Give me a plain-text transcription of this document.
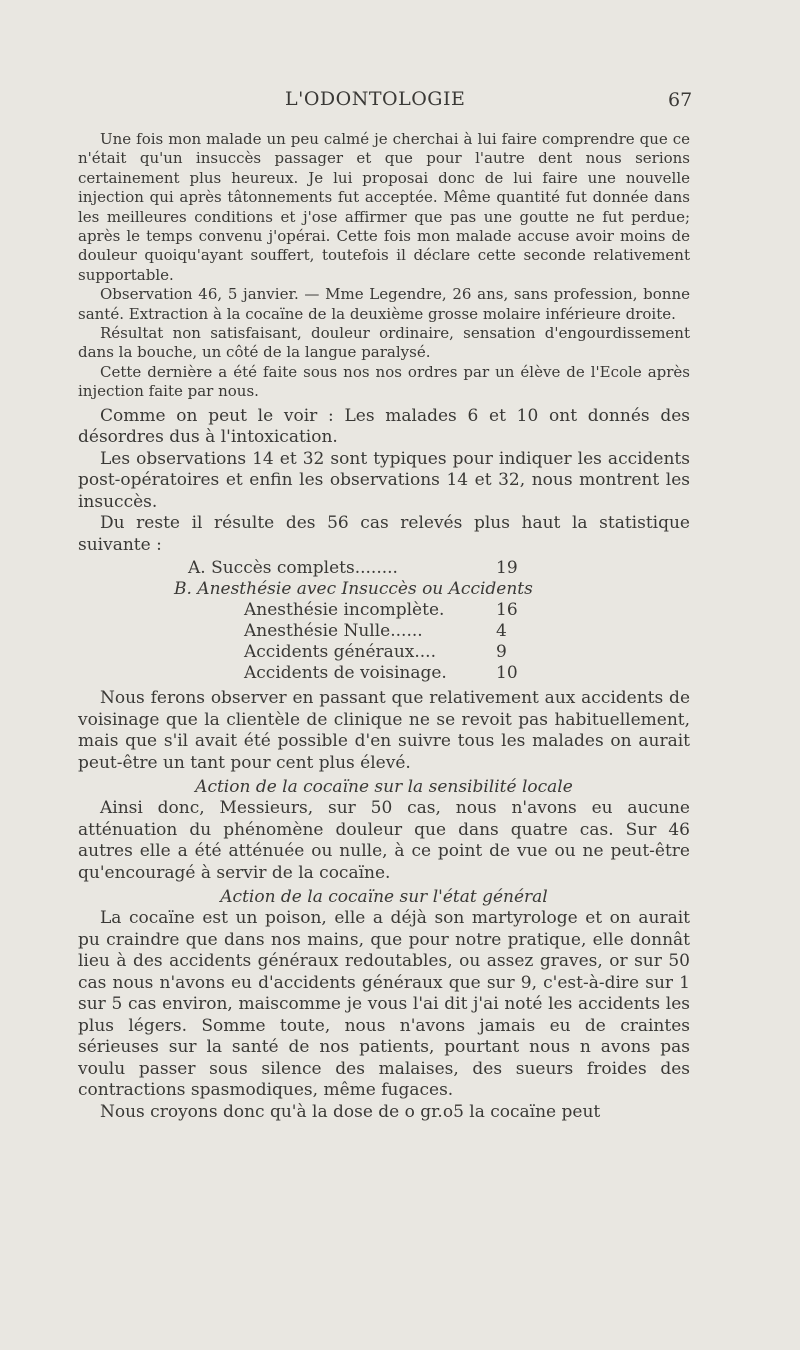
L'ODONTOLOGIE	67

Une fois mon malade un peu calmé je cherchai à lui faire comprendre que ce n'était qu'un insuccès passager et que pour l'autre dent nous serions certainement plus heureux. Je lui proposai donc de lui faire une nouvelle injection qui après tâtonnements fut acceptée. Même quantité fut donnée dans les meilleures conditions et j'ose affirmer que pas une goutte ne fut perdue; après le temps convenu j'opérai. Cette fois mon malade accuse avoir moins de douleur quoiqu'ayant souffert, toutefois il déclare cette seconde relativement supportable.

Observation 46, 5 janvier. — Mme Legendre, 26 ans, sans profession, bonne santé. Extraction à la cocaïne de la deuxième grosse molaire inférieure droite.

Résultat non satisfaisant, douleur ordinaire, sensation d'engourdissement dans la bouche, un côté de la langue paralysé.

Cette dernière a été faite sous nos nos ordres par un élève de l'Ecole après injection faite par nous.

Comme on peut le voir : Les malades 6 et 10 ont donnés des désordres dus à l'intoxication.

Les observations 14 et 32 sont typiques pour indiquer les accidents post-opératoires et enfin les observations 14 et 32, nous montrent les insuccès.

Du reste il résulte des 56 cas relevés plus haut la statistique suivante :

A. Succès complets........	19
B. Anesthésie avec Insuccès ou Accidents
Anesthésie incomplète.	16
Anesthésie Nulle......	4
Accidents généraux....	9
Accidents de voisinage.	10

Nous ferons observer en passant que relativement aux accidents de voisinage que la clientèle de clinique ne se revoit pas habituellement, mais que s'il avait été possible d'en suivre tous les malades on aurait peut-être un tant pour cent plus élevé.

Action de la cocaïne sur la sensibilité locale

Ainsi donc, Messieurs, sur 50 cas, nous n'avons eu aucune atténuation du phénomène douleur que dans quatre cas. Sur 46 autres elle a été atténuée ou nulle, à ce point de vue ou ne peut-être qu'encouragé à servir de la cocaïne.

Action de la cocaïne sur l'état général

La cocaïne est un poison, elle a déjà son martyrologe et on aurait pu craindre que dans nos mains, que pour notre pratique, elle donnât lieu à des accidents généraux redoutables, ou assez graves, or sur 50 cas nous n'avons eu d'accidents généraux que sur 9, c'est-à-dire sur 1 sur 5 cas environ, maiscomme je vous l'ai dit j'ai noté les accidents les plus légers. Somme toute, nous n'avons jamais eu de craintes sérieuses sur la santé de nos patients, pourtant nous n avons pas voulu passer sous silence des malaises, des sueurs froides des contractions spasmodiques, même fugaces.

Nous croyons donc qu'à la dose de o gr.o5 la cocaïne peut
